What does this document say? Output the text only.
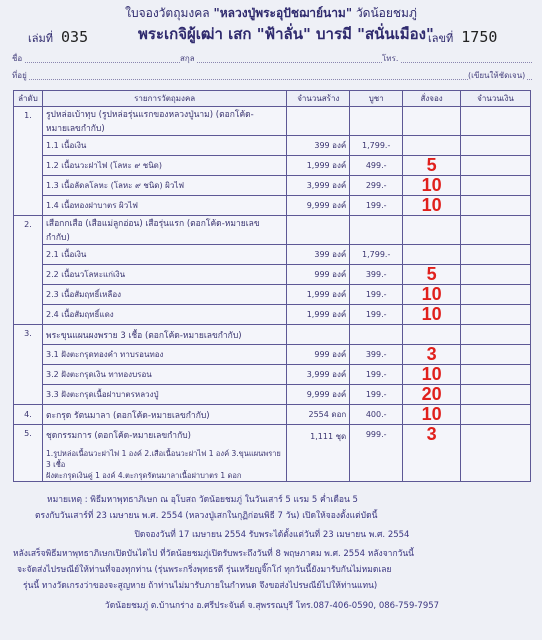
ใบจองวัตถุมงคล "หลวงปู่พระอุปัชฌาย์นาม" วัดน้อยชมภู่
เล่มที่ 035	พระเกจิผู้เฒ่า เสก "ฟ้าลั่น" บารมี "สนั่นเมือง"
เลขที่ 1750
ชื่อ	สกุล	โทร.
ที่อยู่	(เขียนให้ชัดเจน)
ลำดับ	รายการวัตถุมงคล	จำนวนสร้าง	บูชา	สั่งจอง	จำนวนเงิน
1.	รูปหล่อเบ้าทุบ (รูปหล่อรุ่นแรกของหลวงปู่นาม) (ตอกโค้ด-หมายเลขกำกับ)				
	1.1 เนื้อเงิน	399 องค์	1,799.-		
	1.2 เนื้อนวะฝาไฟ (โลหะ ๙ ชนิด)	1,999 องค์	499.-	5	
	1.3 เนื้อลัดลโลหะ (โลหะ ๙ ชนิด) ผิวไฟ	3,999 องค์	299.-	10	
	1.4 เนื้อทองฝาบาตร ผิวไฟ	9,999 องค์	199.-	10	
2.	เสือกกเสือ (เสือแม่ลูกอ่อน) เสือรุ่นแรก (ตอกโค้ด-หมายเลขกำกับ)				
	2.1 เนื้อเงิน	399 องค์	1,799.-		
	2.2 เนื้อนวโลหะแก่เงิน	999 องค์	399.-	5	
	2.3 เนื้อสัมฤทธิ์เหลือง	1,999 องค์	199.-	10	
	2.4 เนื้อสัมฤทธิ์แดง	1,999 องค์	199.-	10	
3.	พระขุนแผนผงพราย 3 เชื้อ (ตอกโค้ด-หมายเลขกำกับ)				
	3.1 ฝังตะกรุดทองคำ ทาบรอนทอง	999 องค์	399.-	3	
	3.2 ฝังตะกรุดเงิน ทาทองบรอน	3,999 องค์	199.-	10	
	3.3 ฝังตะกรุดเนื้อฝาบาตรหลวงปู่	9,999 องค์	199.-	20	
4.	ตะกรุด รัตนมาลา (ตอกโค้ด-หมายเลขกำกับ)	2554 ดอก	400.-	10	
5.	ชุดกรรมการ (ตอกโค้ด-หมายเลขกำกับ)
1.รูปหล่อเนื้อนวะฝาไฟ 1 องค์ 2.เสือเนื้อนวะฝาไฟ 1 องค์ 3.ขุนแผนพราย 3 เชื้อ
ฝังตะกรุดเงินคู่ 1 องค์ 4.ตะกรุดรัตนมาลาเนื้อฝาบาตร 1 ดอก	1,111 ชุด	999.-	3	
หมายเหตุ : พิธีมหาพุทธาภิเษก ณ อุโบสถ วัดน้อยชมภู่ ในวันเสาร์ 5 แรม 5 ค่ำเดือน 5
ตรงกับวันเสาร์ที่ 23 เมษายน พ.ศ. 2554 (หลวงปู่เสกในกุฏิก่อนพิธี 7 วัน) เปิดให้จองตั้งแต่บัดนี้
ปิดจองวันที่ 17 เมษายน 2554 รับพระได้ตั้งแต่วันที่ 23 เมษายน พ.ศ. 2554
หลังเสร็จพิธีมหาพุทธาภิเษกเปิดบันไดไป ที่วัดน้อยชมภู่เปิดรับพระถึงวันที่ 8 พฤษภาคม พ.ศ. 2554 หลังจากวันนี้
จะจัดส่งไปรษณีย์ให้ท่านที่จองทุกท่าน (รุ่นพระกริ่งพุทธรตี รุ่นเหรียญจิ๊กโก๋ ทุกวันนี้ยังมารับกันไม่หมดเลย
รุ่นนี้ ทางวัดเกรงว่าของจะสูญหาย ถ้าท่านไม่มารับภายในกำหนด จึงขอส่งไปรษณีย์ไปให้ท่านแทน)
วัดน้อยชมภู่ ต.บ้านกร่าง อ.ศรีประจันต์ จ.สุพรรณบุรี โทร.087-406-0590, 086-759-7957
